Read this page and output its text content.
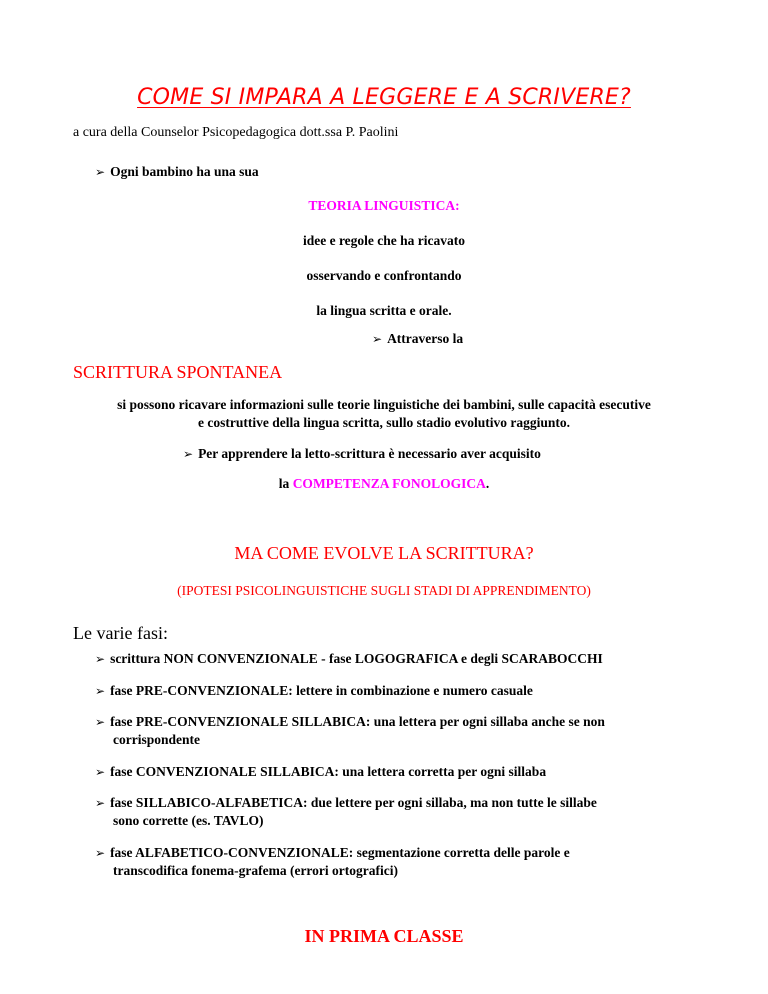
COME SI IMPARA A LEGGERE E A SCRIVERE?
a cura della Counselor Psicopedagogica dott.ssa P. Paolini
➢ Ogni bambino ha una sua
TEORIA LINGUISTICA:
idee e regole che ha ricavato
osservando e confrontando
la lingua scritta e orale.
➢ Attraverso la
SCRITTURA SPONTANEA
si possono ricavare informazioni sulle teorie linguistiche dei bambini, sulle capacità esecutive
e costruttive della lingua scritta, sullo stadio evolutivo raggiunto.
➢ Per apprendere la letto-scrittura è necessario aver acquisito
la COMPETENZA FONOLOGICA.
MA COME EVOLVE LA SCRITTURA?
(IPOTESI PSICOLINGUISTICHE SUGLI STADI DI APPRENDIMENTO)
Le varie fasi:
➢ scrittura NON CONVENZIONALE - fase LOGOGRAFICA e degli SCARABOCCHI
➢ fase PRE-CONVENZIONALE: lettere in combinazione e numero casuale
➢ fase PRE-CONVENZIONALE SILLABICA: una lettera per ogni sillaba anche se non
corrispondente
➢ fase CONVENZIONALE SILLABICA: una lettera corretta per ogni sillaba
➢ fase SILLABICO-ALFABETICA: due lettere per ogni sillaba, ma non tutte le sillabe
sono corrette (es. TAVLO)
➢ fase ALFABETICO-CONVENZIONALE: segmentazione corretta delle parole e
transcodifica fonema-grafema (errori ortografici)
IN PRIMA CLASSE
